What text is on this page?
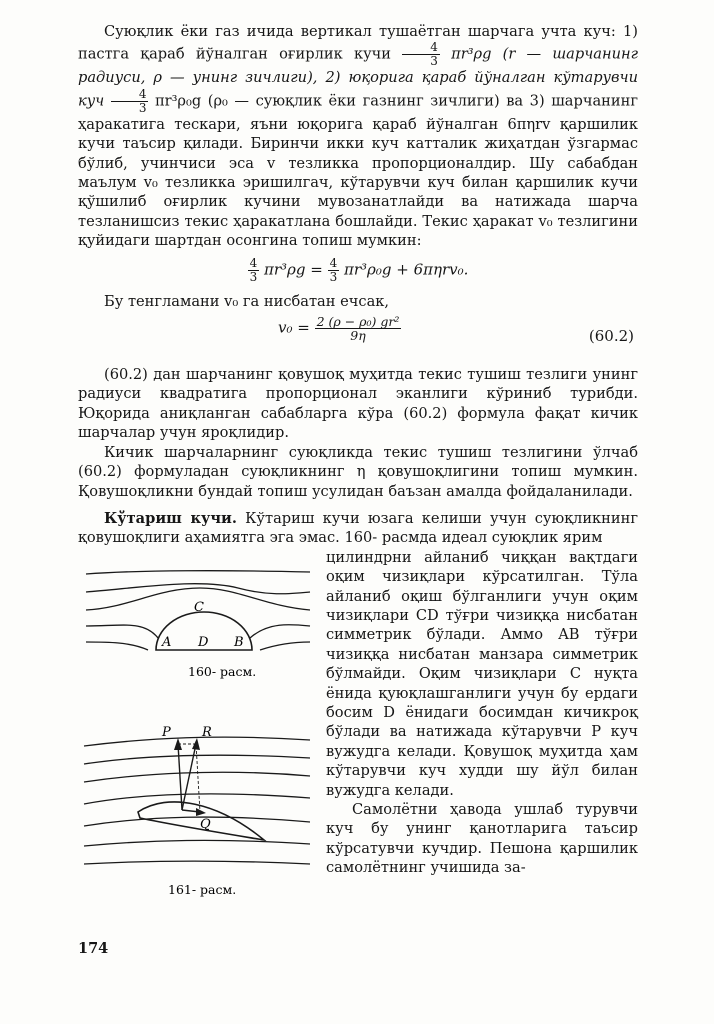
Суюқлик ёки газ ичида вертикал тушаётган шарчага учта куч: 1) пастга қараб йўналган оғирлик кучи $\frac{4}{3} \pi r^3\rho g$ (r — шарчанинг радиуси, ρ — унинг зичлиги), 2) юқорига қараб йўналган кўтарувчи куч $\frac{4}{3} \pi r^3\rho_0g$ (ρ₀ — суюқлик ёки газнинг зичлиги) ва 3) шарчанинг ҳаракатига тескари, яъни юқорига қараб йўналган 6πηrv қаршилик кучи таъсир қилади. Биринчи икки куч катталик жиҳатдан ўзгармас бўлиб, учинчиси эса v тезликка пропорционалдир. Шу сабабдан маълум v₀ тезликка эришилгач, кўтарувчи куч билан қаршилик кучи қўшилиб оғирлик кучини мувозанатлайди ва натижада шарча тезланишсиз текис ҳаракатлана бошлайди. Текис ҳаракат v₀ тезлигини қуйидаги шартдан осонгина топиш мумкин:

$\frac{4}{3} \pi r^3\rho g = \frac{4}{3} \pi r^3\rho_0g + 6\pi\eta rv_0$.

Бу тенгламани v₀ га нисбатан ечсак,

$v_0 = \frac{\text{2 (ρ − ρ₀) gr²}}{9\eta}$	(60.2)

(60.2) дан шарчанинг қовушоқ муҳитда текис тушиш тезлиги унинг радиуси квадратига пропорционал эканлиги кўриниб турибди. Юқорида аниқланган сабабларга кўра (60.2) формула фақат кичик шарчалар учун яроқлидир.

Кичик шарчаларнинг суюқликда текис тушиш тезлигини ўлчаб (60.2) формуладан суюқликнинг η қовушоқлигини топиш мумкин. Қовушоқликни бундай топиш усулидан баъзан амалда фойдаланилади.

Кўтариш кучи. Кўтариш кучи юзага келиши учун суюқликнинг қовушоқлиги аҳамиятга эга эмас. 160- расмда идеал суюқлик ярим

C
A D B
160- расм.

P R
Q
161- расм.

цилиндрни айланиб чиққан вақтдаги оқим чизиқлари кўрсатилган. Тўла айланиб оқиш бўлганлиги учун оқим чизиқлари CD тўғри чизиққа нисбатан симметрик бўлади. Аммо AB тўғри чизиққа нисбатан манзара симметрик бўлмайди. Оқим чизиқлари C нуқта ёнида қуюқлашганлиги учун бу ердаги босим D ёнидаги босимдан кичикроқ бўлади ва натижада кўтарувчи P куч вужудга келади. Қовушоқ муҳитда ҳам кўтарувчи куч худди шу йўл билан вужудга келади.

Самолётни ҳавода ушлаб турувчи куч бу унинг қанотларига таъсир кўрсатувчи кучдир. Пешона қаршилик самолётнинг учишида за-

174
